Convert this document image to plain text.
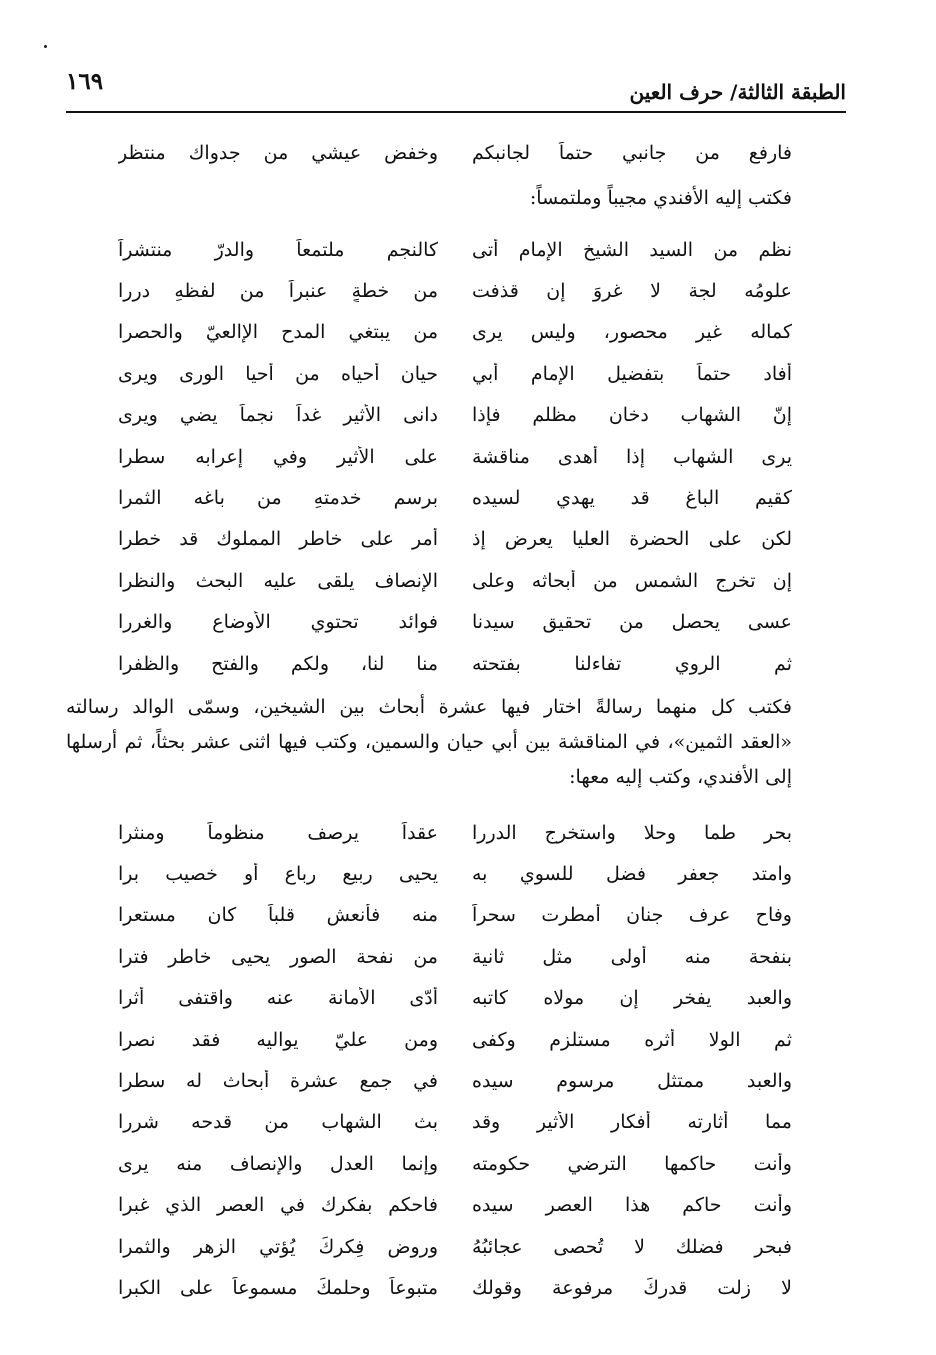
١٦٩	الطبقة الثالثة/ حرف العين
فارفع من جانبي حتماً لجانبكم
وخفض عيشي من جدواك منتظر
فكتب إليه الأفندي مجيباً وملتمساً:
نظم من السيد الشيخ الإمام أتى
كالنجم ملتمعاً والدرّ منتشراً
علومُه لجة لا غروَ إن قذفت
من خطةٍ عنبراً من لفظهِ دررا
كماله غير محصور، وليس يرى
من يبتغي المدح الإالعيّ والحصرا
أفاد حتماً بتفضيل الإمام أبي
حيان أحياه من أحيا الورى ويرى
إنّ الشهاب دخان مظلم فإذا
دانى الأثير غداً نجماً يضي ويرى
يرى الشهاب إذا أهدى مناقشة
على الأثير وفي إعرابه سطرا
كقيم الباغ قد يهدي لسيده
برسم خدمتهِ من باغه الثمرا
لكن على الحضرة العليا يعرض إذ
أمر على خاطر المملوك قد خطرا
إن تخرج الشمس من أبحاثه وعلى
الإنصاف يلقى عليه البحث والنظرا
عسى يحصل من تحقيق سيدنا
فوائد تحتوي الأوضاع والغررا
ثم الروي تفاءلنا بفتحته
منا لنا، ولكم والفتح والظفرا
فكتب كل منهما رسالةً اختار فيها عشرة أبحاث بين الشيخين، وسمّى الوالد رسالته
«العقد الثمين»، في المناقشة بين أبي حيان والسمين، وكتب فيها اثنى عشر بحثاً، ثم أرسلها
إلى الأفندي، وكتب إليه معها:
بحر طما وحلا واستخرج الدررا
عقداً يرصف منظوماً ومنثرا
وامتد جعفر فضل للسوي به
يحيى ربيع رباع أو خصيب برا
وفاح عرف جنان أمطرت سحراً
منه فأنعش قلباً كان مستعرا
بنفحة منه أولى مثل ثانية
من نفحة الصور يحيى خاطر فترا
والعبد يفخر إن مولاه كاتبه
أدّى الأمانة عنه واقتفى أثرا
ثم الولا أثره مستلزم وكفى
ومن عليّ يواليه فقد نصرا
والعبد ممتثل مرسوم سيده
في جمع عشرة أبحاث له سطرا
مما أثارته أفكار الأثير وقد
بث الشهاب من قدحه شررا
وأنت حاكمها الترضي حكومته
وإنما العدل والإنصاف منه يرى
وأنت حاكم هذا العصر سيده
فاحكم بفكرك في العصر الذي غبرا
فبحر فضلك لا تُحصى عجائبُهُ
وروض فِكرِكَ يُؤتي الزهر والثمرا
لا زلت قدركَ مرفوعة وقولك
متبوعاً وحلمكَ مسموعاً على الكبرا
